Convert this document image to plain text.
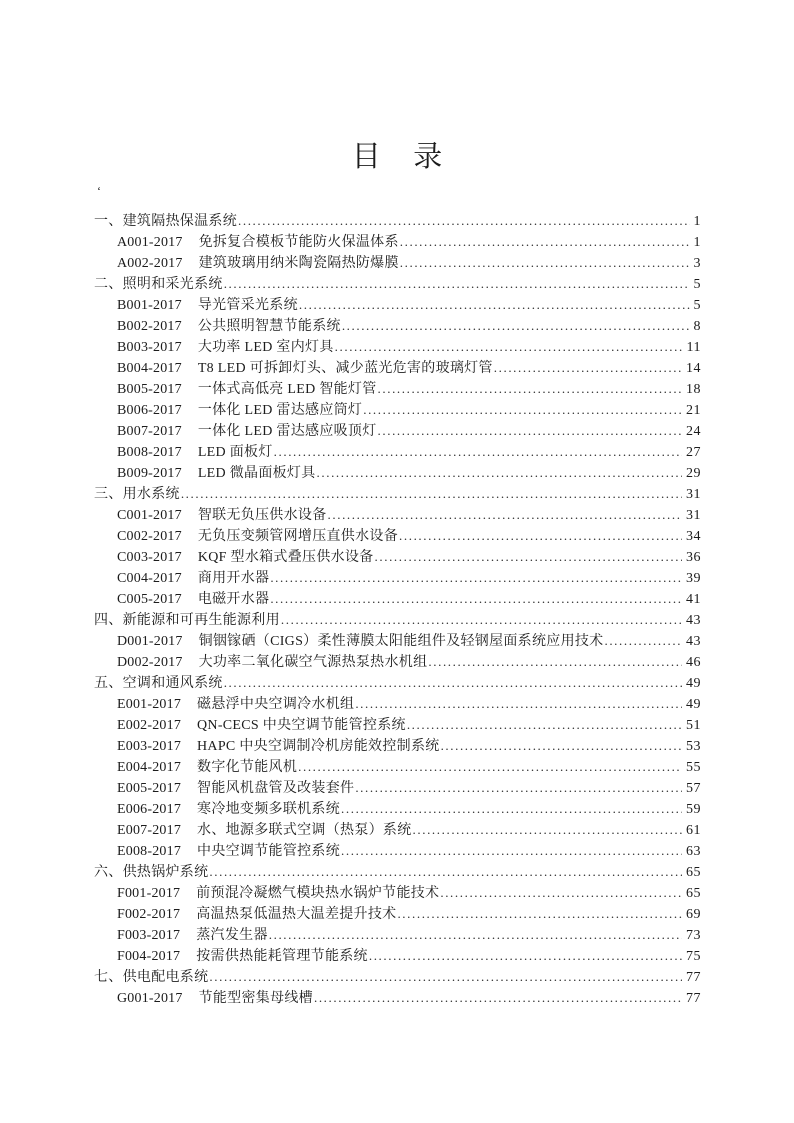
目 录
‘
一、建筑隔热保温系统 .....	1
A001-2017 免拆复合模板节能防火保温体系 .....	1
A002-2017 建筑玻璃用纳米陶瓷隔热防爆膜 .....	3
二、照明和采光系统 .....	5
B001-2017 导光管采光系统 .....	5
B002-2017 公共照明智慧节能系统 .....	8
B003-2017 大功率 LED 室内灯具 .....	11
B004-2017 T8 LED 可拆卸灯头、减少蓝光危害的玻璃灯管 .....	14
B005-2017 一体式高低亮 LED 智能灯管 .....	18
B006-2017 一体化 LED 雷达感应筒灯 .....	21
B007-2017 一体化 LED 雷达感应吸顶灯 .....	24
B008-2017 LED 面板灯 .....	27
B009-2017 LED 微晶面板灯具 .....	29
三、用水系统 .....	31
C001-2017 智联无负压供水设备 .....	31
C002-2017 无负压变频管网增压直供水设备 .....	34
C003-2017 KQF 型水箱式叠压供水设备 .....	36
C004-2017 商用开水器 .....	39
C005-2017 电磁开水器 .....	41
四、新能源和可再生能源利用 .....	43
D001-2017 铜铟镓硒（CIGS）柔性薄膜太阳能组件及轻钢屋面系统应用技术 .....	43
D002-2017 大功率二氧化碳空气源热泵热水机组 .....	46
五、空调和通风系统 .....	49
E001-2017 磁悬浮中央空调冷水机组 .....	49
E002-2017 QN-CECS 中央空调节能管控系统 .....	51
E003-2017 HAPC 中央空调制冷机房能效控制系统 .....	53
E004-2017 数字化节能风机 .....	55
E005-2017 智能风机盘管及改装套件 .....	57
E006-2017 寒冷地变频多联机系统 .....	59
E007-2017 水、地源多联式空调（热泵）系统 .....	61
E008-2017 中央空调节能管控系统 .....	63
六、供热锅炉系统 .....	65
F001-2017 前预混冷凝燃气模块热水锅炉节能技术 .....	65
F002-2017 高温热泵低温热大温差提升技术 .....	69
F003-2017 蒸汽发生器 .....	73
F004-2017 按需供热能耗管理节能系统 .....	75
七、供电配电系统 .....	77
G001-2017 节能型密集母线槽 .....	77
